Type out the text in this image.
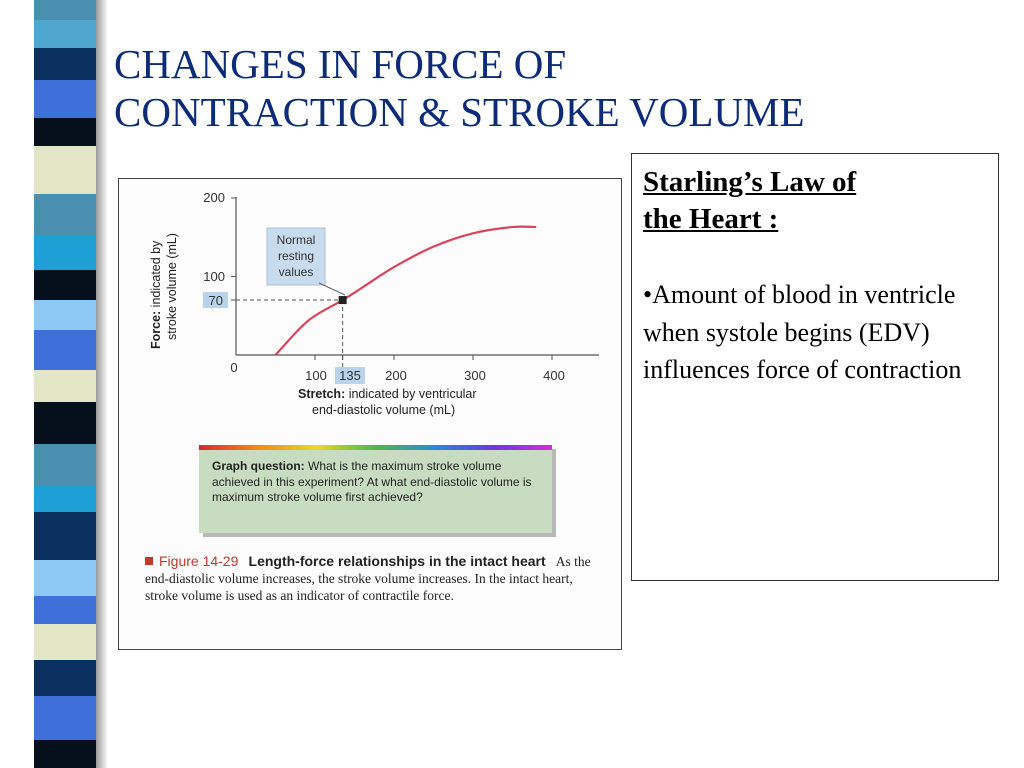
CHANGES IN FORCE OF
CONTRACTION & STROKE VOLUME
200
100
70
0
100 135 200	300	400
Force: indicated by stroke volume (mL)
Stretch: indicated by ventricular
end-diastolic volume (mL)
Normal
resting
values
Graph question: What is the maximum stroke volume achieved in this experiment? At what end-diastolic volume is maximum stroke volume first achieved?
Figure 14-29 Length-force relationships in the intact heart As the end-diastolic volume increases, the stroke volume increases. In the intact heart, stroke volume is used as an indicator of contractile force.

Starling’s Law of
the Heart :

•Amount of blood in ventricle when systole begins (EDV) influences force of contraction
